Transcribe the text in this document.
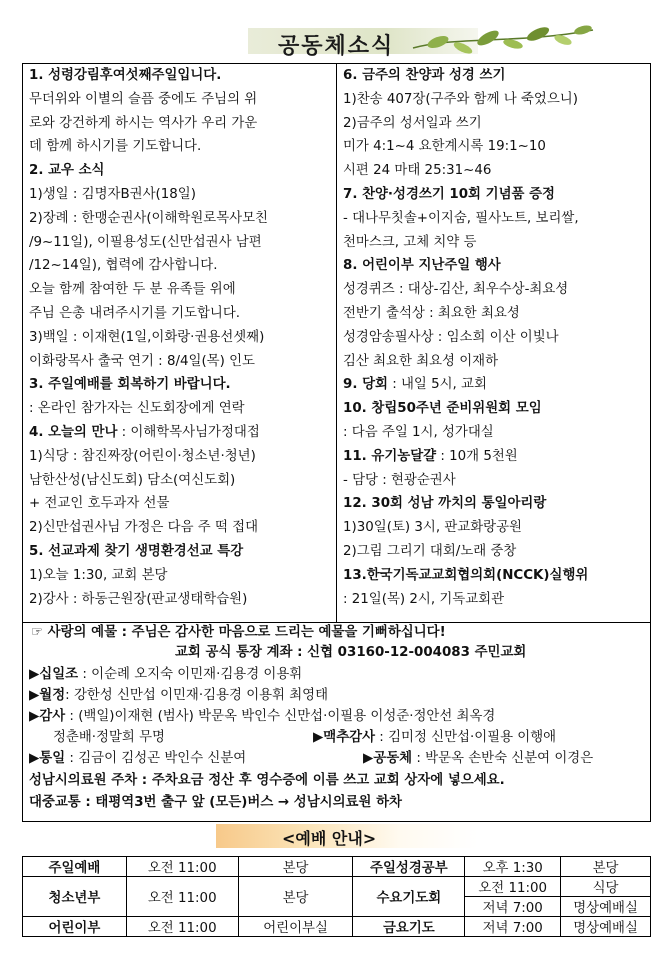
공동체소식
1. 성령강림후여섯째주일입니다.
무더위와 이별의 슬픔 중에도 주님의 위
로와 강건하게 하시는 역사가 우리 가운
데 함께 하시기를 기도합니다.
2. 교우 소식
1)생일 : 김명자B권사(18일)
2)장례 : 한맹순권사(이해학원로목사모친
/9~11일), 이필용성도(신만섭권사 남편
/12~14일), 협력에 감사합니다.
오늘 함께 참여한 두 분 유족들 위에
주님 은총 내려주시기를 기도합니다.
3)백일 : 이재현(1일,이화랑·권용선셋째)
이화랑목사 출국 연기 : 8/4일(목) 인도
3. 주일예배를 회복하기 바랍니다.
: 온라인 참가자는 신도회장에게 연락
4. 오늘의 만나 : 이해학목사님가정대접
1)식당 : 참진짜장(어린이·청소년·청년)
남한산성(남신도회) 담소(여신도회)
+ 전교인 호두과자 선물
2)신만섭권사님 가정은 다음 주 떡 접대
5. 선교과제 찾기 생명환경선교 특강
1)오늘 1:30, 교회 본당
2)강사 : 하동근원장(판교생태학습원)
6. 금주의 찬양과 성경 쓰기
1)찬송 407장(구주와 함께 나 죽었으니)
2)금주의 성서일과 쓰기
미가 4:1~4 요한계시록 19:1~10
시편 24 마태 25:31~46
7. 찬양·성경쓰기 10회 기념품 증정
- 대나무칫솔+이지숨, 필사노트, 보리쌀,
천마스크, 고체 치약 등
8. 어린이부 지난주일 행사
성경퀴즈 : 대상-김산, 최우수상-최요셩
전반기 출석상 : 최요한 최요셩
성경암송필사상 : 임소희 이산 이빛나
김산 최요한 최요셩 이재하
9. 당회 : 내일 5시, 교회
10. 창립50주년 준비위원회 모임
: 다음 주일 1시, 성가대실
11. 유기농달걀 : 10개 5천원
- 담당 : 현광순권사
12. 30회 성남 까치의 통일아리랑
1)30일(토) 3시, 판교화랑공원
2)그림 그리기 대회/노래 중창
13.한국기독교교회협의회(NCCK)실행위
: 21일(목) 2시, 기독교회관
☞ 사랑의 예물 : 주님은 감사한 마음으로 드리는 예물을 기뻐하십니다!
교회 공식 통장 계좌 : 신협 03160-12-004083 주민교회
▶십일조 : 이순례 오지숙 이민재·김용경 이용휘
▶월정: 강한성 신만섭 이민재·김용경 이용휘 최영태
▶감사 : (백일)이재현 (범사) 박문옥 박인수 신만섭·이필용 이성준·정안선 최옥경
정춘배·정말희 무명	▶맥추감사 : 김미정 신만섭·이필용 이행애
▶통일 : 김금이 김성곤 박인수 신분여	▶공동체 : 박문옥 손반숙 신분여 이경은
성남시의료원 주차 : 주차요금 정산 후 영수증에 이름 쓰고 교회 상자에 넣으세요.
대중교통 : 태평역3번 출구 앞 (모든)버스 → 성남시의료원 하차
<예배 안내>
주일예배	오전 11:00	본당	주일성경공부	오후 1:30	본당
청소년부	오전 11:00	본당	수요기도회	오전 11:00	식당
				저녁 7:00	명상예배실
어린이부	오전 11:00	어린이부실	금요기도	저녁 7:00	명상예배실
